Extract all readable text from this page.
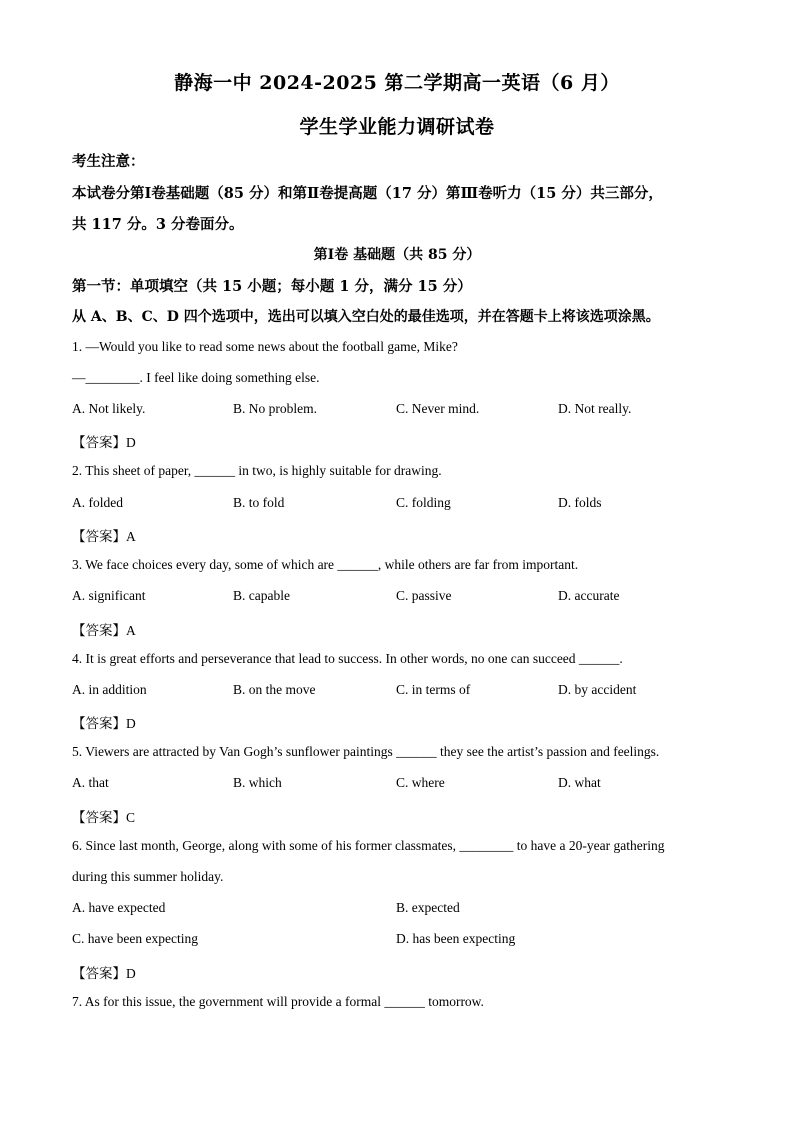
静海一中 2024-2025 第二学期高一英语（6 月）
学生学业能力调研试卷
考生注意：
本试卷分第Ⅰ卷基础题（85 分）和第Ⅱ卷提高题（17 分）第Ⅲ卷听力（15 分）共三部分，
共 117 分。3 分卷面分。
第Ⅰ卷 基础题（共 85 分）
第一节：单项填空（共 15 小题；每小题 1 分，满分 15 分）
从 A、B、C、D 四个选项中，选出可以填入空白处的最佳选项，并在答题卡上将该选项涂黑。
1. —Would you like to read some news about the football game, Mike?
—________. I feel like doing something else.
A. Not likely.	B. No problem.	C. Never mind.	D. Not really.
【答案】D
2. This sheet of paper, ______ in two, is highly suitable for drawing.
A. folded	B. to fold	C. folding	D. folds
【答案】A
3. We face choices every day, some of which are ______, while others are far from important.
A. significant	B. capable	C. passive	D. accurate
【答案】A
4. It is great efforts and perseverance that lead to success. In other words, no one can succeed ______.
A. in addition	B. on the move	C. in terms of	D. by accident
【答案】D
5. Viewers are attracted by Van Gogh’s sunflower paintings ______ they see the artist’s passion and feelings.
A. that	B. which	C. where	D. what
【答案】C
6. Since last month, George, along with some of his former classmates, ________ to have a 20-year gathering
during this summer holiday.
A. have expected	B. expected
C. have been expecting	D. has been expecting
【答案】D
7. As for this issue, the government will provide a formal ______ tomorrow.
